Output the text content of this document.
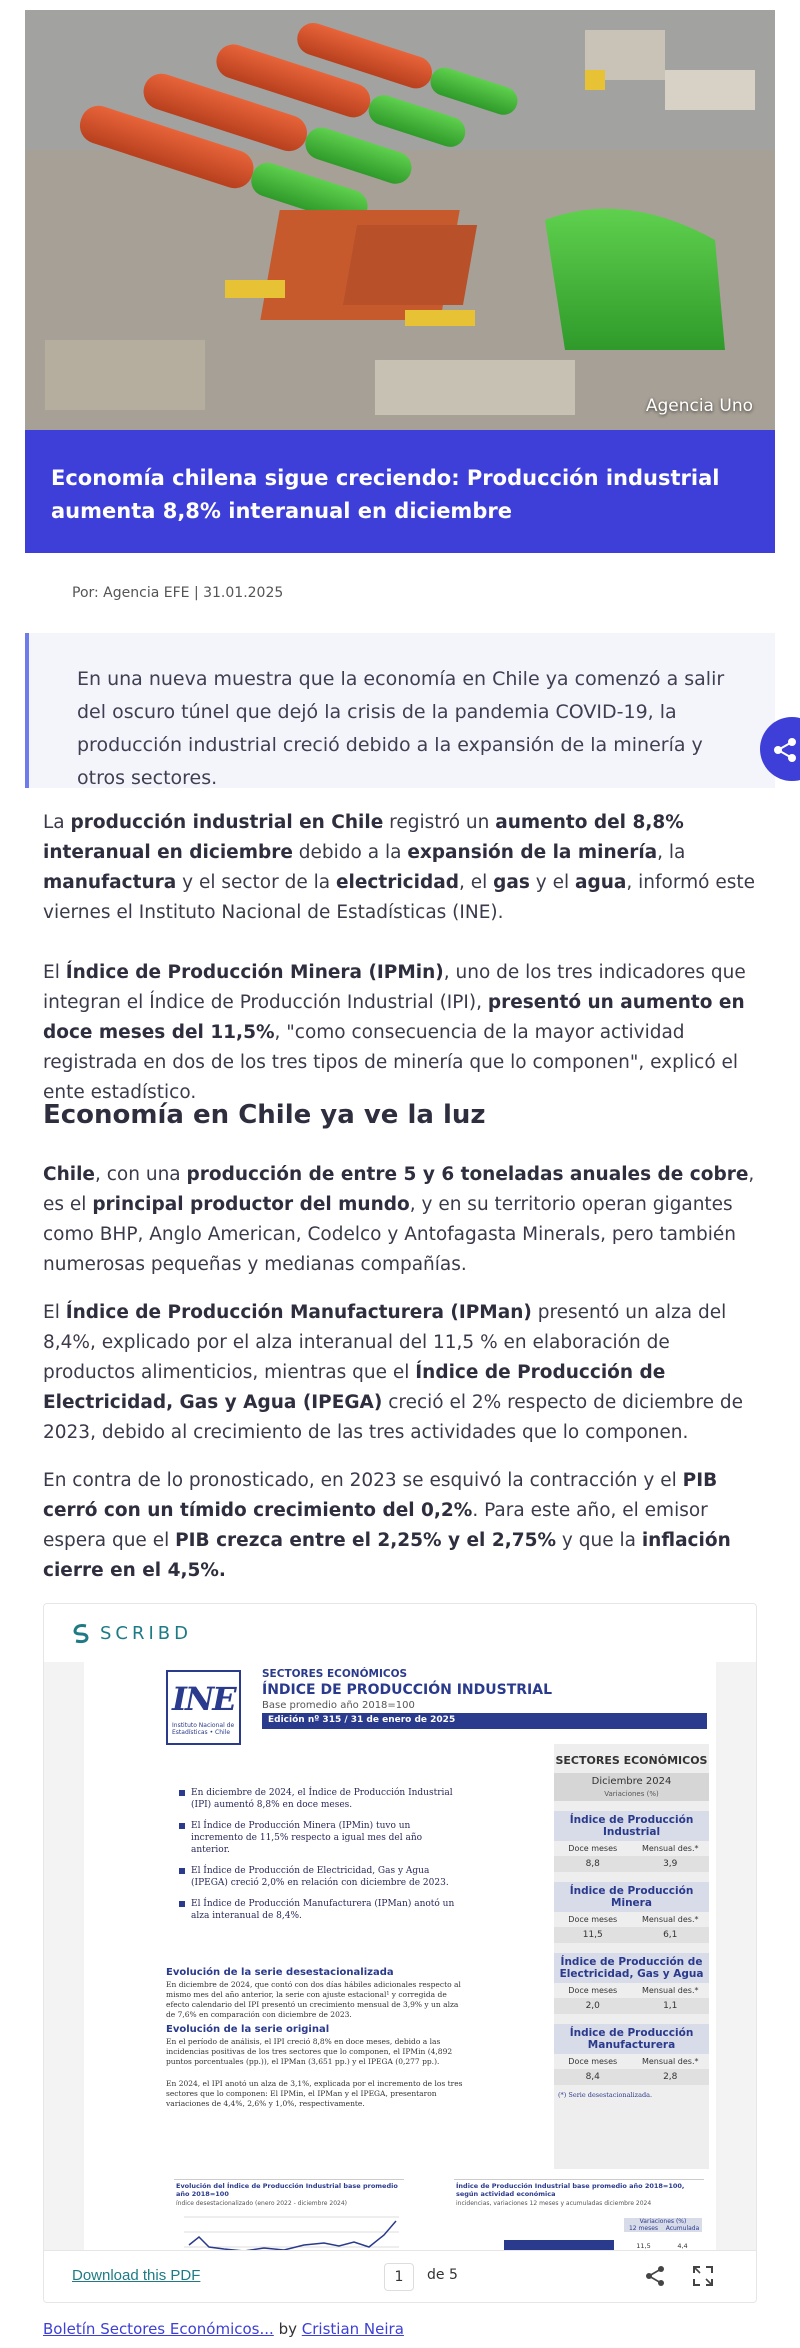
Agencia Uno
Economía chilena sigue creciendo: Producción industrial aumenta 8,8% interanual en diciembre
Por: Agencia EFE | 31.01.2025

En una nueva muestra que la economía en Chile ya comenzó a salir del oscuro túnel que dejó la crisis de la pandemia COVID-19, la producción industrial creció debido a la expansión de la minería y otros sectores.

La producción industrial en Chile registró un aumento del 8,8% interanual en diciembre debido a la expansión de la minería, la manufactura y el sector de la electricidad, el gas y el agua, informó este viernes el Instituto Nacional de Estadísticas (INE).

El Índice de Producción Minera (IPMin), uno de los tres indicadores que integran el Índice de Producción Industrial (IPI), presentó un aumento en doce meses del 11,5%, "como consecuencia de la mayor actividad registrada en dos de los tres tipos de minería que lo componen", explicó el ente estadístico.

Economía en Chile ya ve la luz

Chile, con una producción de entre 5 y 6 toneladas anuales de cobre, es el principal productor del mundo, y en su territorio operan gigantes como BHP, Anglo American, Codelco y Antofagasta Minerals, pero también numerosas pequeñas y medianas compañías.

El Índice de Producción Manufacturera (IPMan) presentó un alza del 8,4%, explicado por el alza interanual del 11,5 % en elaboración de productos alimenticios, mientras que el Índice de Producción de Electricidad, Gas y Agua (IPEGA) creció el 2% respecto de diciembre de 2023, debido al crecimiento de las tres actividades que lo componen.

En contra de lo pronosticado, en 2023 se esquivó la contracción y el PIB cerró con un tímido crecimiento del 0,2%. Para este año, el emisor espera que el PIB crezca entre el 2,25% y el 2,75% y que la inflación cierre en el 4,5%.

SCRIBD
INE
Instituto Nacional de Estadísticas • Chile
SECTORES ECONÓMICOS
ÍNDICE DE PRODUCCIÓN INDUSTRIAL
Base promedio año 2018=100
Edición nº 315 / 31 de enero de 2025
En diciembre de 2024, el Índice de Producción Industrial (IPI) aumentó 8,8% en doce meses.
El Índice de Producción Minera (IPMin) tuvo un incremento de 11,5% respecto a igual mes del año anterior.
El Índice de Producción de Electricidad, Gas y Agua (IPEGA) creció 2,0% en relación con diciembre de 2023.
El Índice de Producción Manufacturera (IPMan) anotó un alza interanual de 8,4%.
Evolución de la serie desestacionalizada
En diciembre de 2024, que contó con dos días hábiles adicionales respecto al mismo mes del año anterior, la serie con ajuste estacional¹ y corregida de efecto calendario del IPI presentó un crecimiento mensual de 3,9% y un alza de 7,6% en comparación con diciembre de 2023.
Evolución de la serie original
En el período de análisis, el IPI creció 8,8% en doce meses, debido a las incidencias positivas de los tres sectores que lo componen, el IPMin (4,892 puntos porcentuales (pp.)), el IPMan (3,651 pp.) y el IPEGA (0,277 pp.).
En 2024, el IPI anotó un alza de 3,1%, explicada por el incremento de los tres sectores que lo componen: El IPMin, el IPMan y el IPEGA, presentaron variaciones de 4,4%, 2,6% y 1,0%, respectivamente.
SECTORES ECONÓMICOS
Diciembre 2024
Variaciones (%)
Índice de Producción Industrial
Doce meses	Mensual des.*
8,8	3,9
Índice de Producción Minera
Doce meses	Mensual des.*
11,5	6,1
Índice de Producción de Electricidad, Gas y Agua
Doce meses	Mensual des.*
2,0	1,1
Índice de Producción Manufacturera
Doce meses	Mensual des.*
8,4	2,8
(*) Serie desestacionalizada.
Evolución del Índice de Producción Industrial base promedio año 2018=100
índice desestacionalizado (enero 2022 - diciembre 2024)
Índice de Producción Industrial base promedio año 2018=100, según actividad económica
incidencias, variaciones 12 meses y acumuladas diciembre 2024
Variaciones (%)
12 meses	Acumulada
11,5	4,4
Download this PDF	1	de 5
Boletín Sectores Económicos... by Cristian Neira
